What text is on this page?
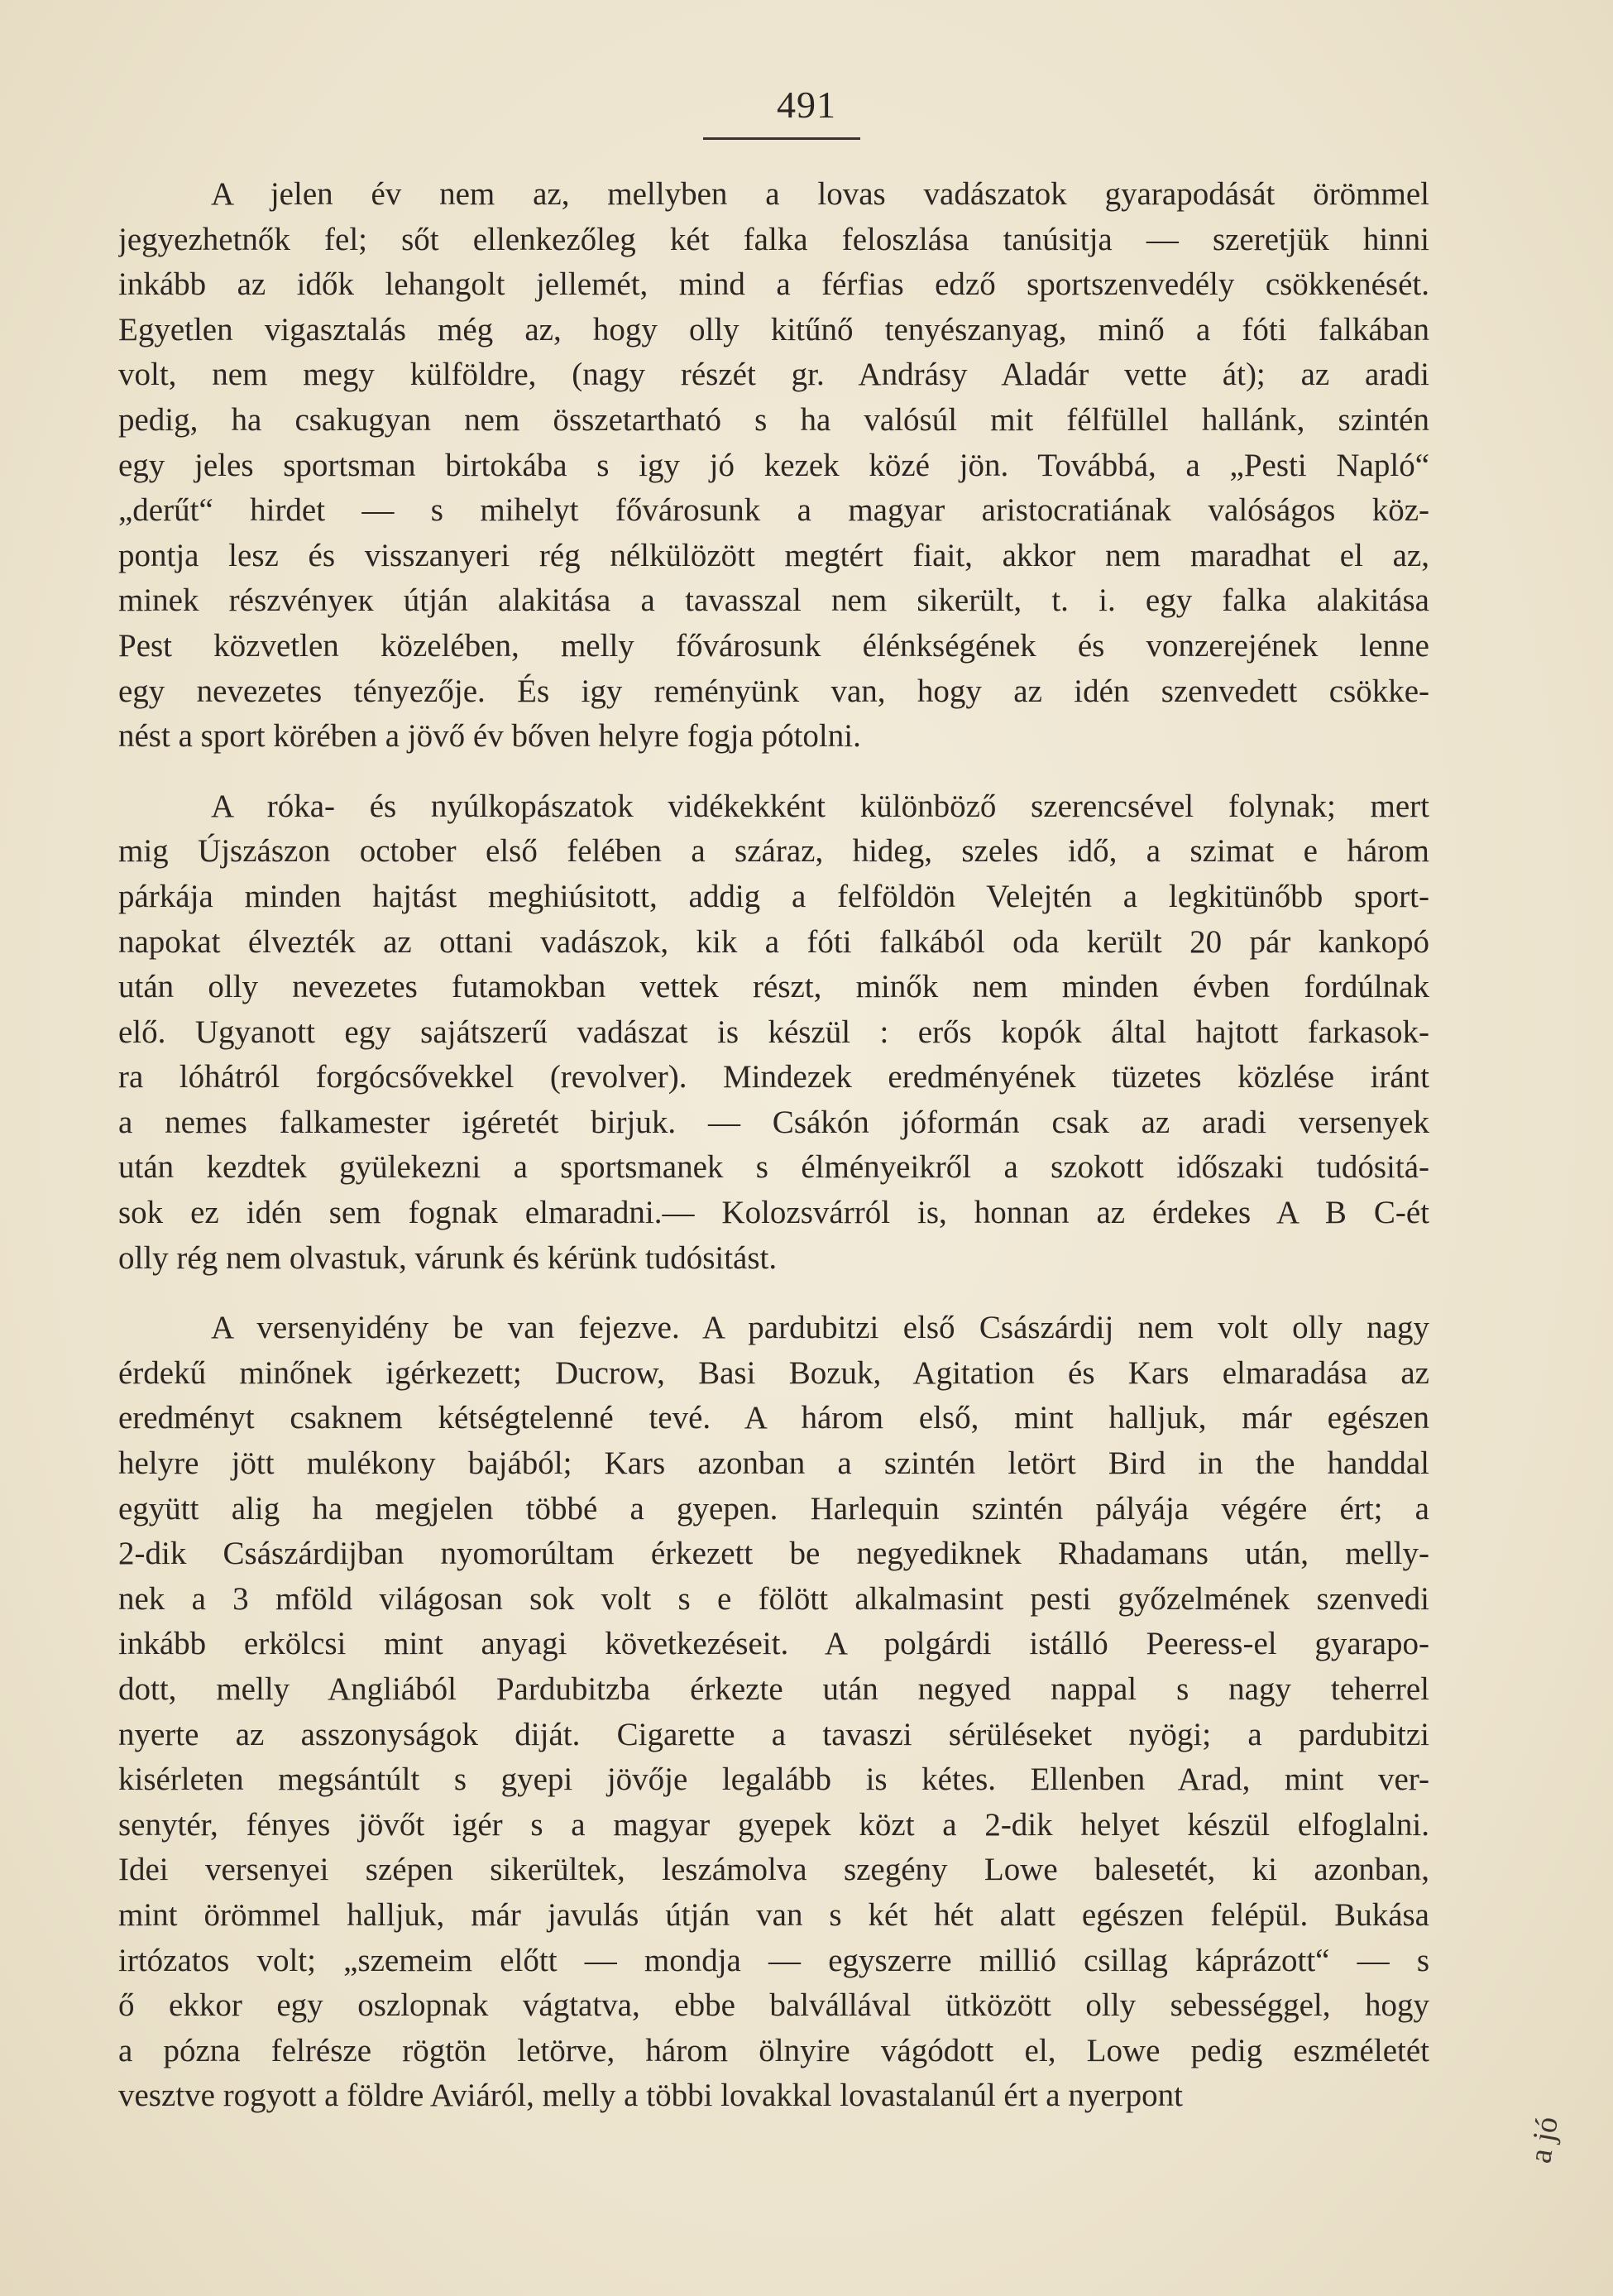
491
A jelen év nem az, mellyben a lovas vadászatok gyarapodását örömmel
jegyezhetnők fel; sőt ellenkezőleg két falka feloszlása tanúsitja — szeretjük hinni
inkább az idők lehangolt jellemét, mind a férfias edző sportszenvedély csökkenését.
Egyetlen vigasztalás még az, hogy olly kitűnő tenyészanyag, minő a fóti falkában
volt, nem megy külföldre, (nagy részét gr. Andrásy Aladár vette át); az aradi
pedig, ha csakugyan nem összetartható s ha valósúl mit félfüllel hallánk, szintén
egy jeles sportsman birtokába s igy jó kezek közé jön. Továbbá, a „Pesti Napló“
„derűt“ hirdet — s mihelyt fővárosunk a magyar aristocratiának valóságos köz-
pontja lesz és visszanyeri rég nélkülözött megtért fiait, akkor nem maradhat el az,
minek részvényeк útján alakitása a tavasszal nem sikerült, t. i. egy falka alakitása
Pest közvetlen közelében, melly fővárosunk élénkségének és vonzerejének lenne
egy nevezetes tényezője. És igy reményünk van, hogy az idén szenvedett csökke-
nést a sport körében a jövő év bőven helyre fogja pótolni.
A róka- és nyúlkopászatok vidékekként különböző szerencsével folynak; mert
mig Újszászon october első felében a száraz, hideg, szeles idő, a szimat e három
párkája minden hajtást meghiúsitott, addig a felföldön Velejtén a legkitünőbb sport-
napokat élvezték az ottani vadászok, kik a fóti falkából oda került 20 pár kankopó
után olly nevezetes futamokban vettek részt, minők nem minden évben fordúlnak
elő. Ugyanott egy sajátszerű vadászat is készül : erős kopók által hajtott farkasok-
ra lóhátról forgócsővekkel (revolver). Mindezek eredményének tüzetes közlése iránt
a nemes falkamester igéretét birjuk. — Csákón jóformán csak az aradi versenyek
után kezdtek gyülekezni a sportsmanek s élményeikről a szokott időszaki tudósitá-
sok ez idén sem fognak elmaradni.— Kolozsvárról is, honnan az érdekes A B C-ét
olly rég nem olvastuk, várunk és kérünk tudósitást.
A versenyidény be van fejezve. A pardubitzi első Császárdij nem volt olly nagy
érdekű minőnek igérkezett; Ducrow, Basi Bozuk, Agitation és Kars elmaradása az
eredményt csaknem kétségtelenné tevé. A három első, mint halljuk, már egészen
helyre jött mulékony bajából; Kars azonban a szintén letört Bird in the handdal
együtt alig ha megjelen többé a gyepen. Harlequin szintén pályája végére ért; a
2-dik Császárdijban nyomorúltam érkezett be negyediknek Rhadamans után, melly-
nek a 3 mföld világosan sok volt s e fölött alkalmasint pesti győzelmének szenvedi
inkább erkölcsi mint anyagi következéseit. A polgárdi istálló Peeress-el gyarapo-
dott, melly Angliából Pardubitzba érkezte után negyed nappal s nagy teherrel
nyerte az asszonyságok diját. Cigarette a tavaszi sérüléseket nyögi; a pardubitzi
kisérleten megsántúlt s gyepi jövője legalább is kétes. Ellenben Arad, mint ver-
senytér, fényes jövőt igér s a magyar gyepek közt a 2-dik helyet készül elfoglalni.
Idei versenyei szépen sikerültek, leszámolva szegény Lowe balesetét, ki azonban,
mint örömmel halljuk, már javulás útján van s két hét alatt egészen felépül. Bukása
irtózatos volt; „szemeim előtt — mondja — egyszerre millió csillag káprázott“ — s
ő ekkor egy oszlopnak vágtatva, ebbe balvállával ütközött olly sebességgel, hogy
a pózna felrésze rögtön letörve, három ölnyire vágódott el, Lowe pedig eszméletét
vesztve rogyott a földre Aviáról, melly a többi lovakkal lovastalanúl ért a nyerpont
a jó
